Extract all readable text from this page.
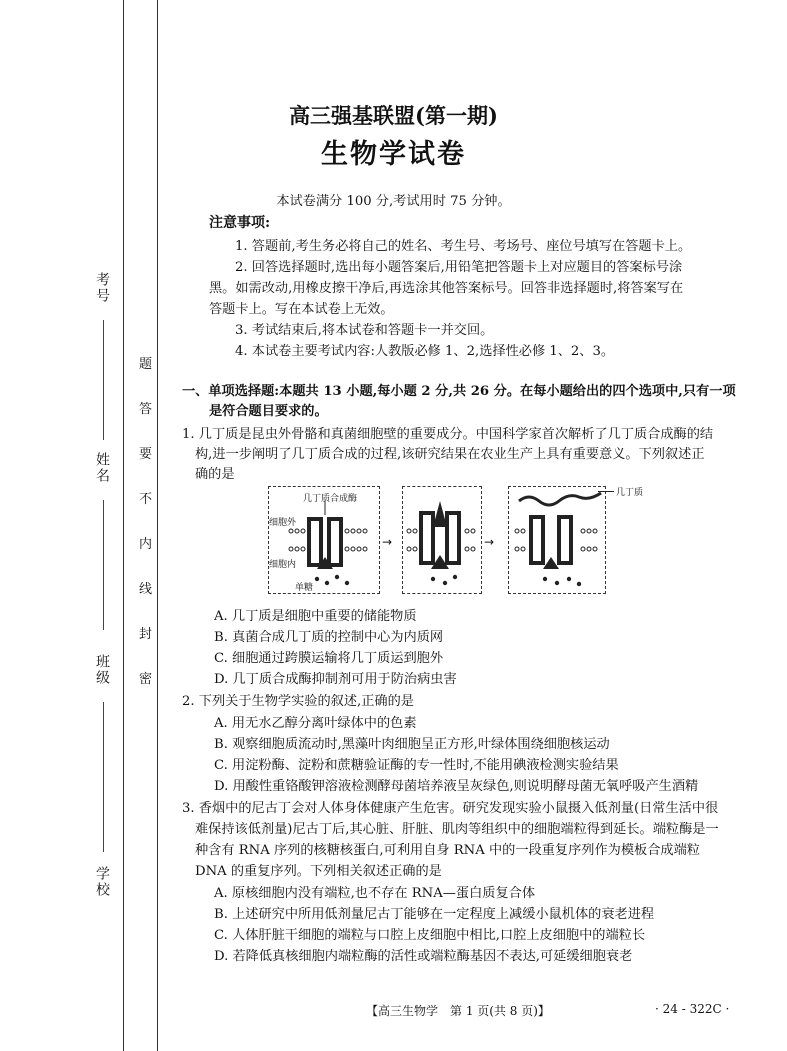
考号
姓名
班级
学校
题
答
要
不
内
线
封
密
高三强基联盟(第一期)
生物学试卷
本试卷满分 100 分,考试用时 75 分钟。
注意事项:
1. 答题前,考生务必将自己的姓名、考生号、考场号、座位号填写在答题卡上。
2. 回答选择题时,选出每小题答案后,用铅笔把答题卡上对应题目的答案标号涂
黑。如需改动,用橡皮擦干净后,再选涂其他答案标号。回答非选择题时,将答案写在
答题卡上。写在本试卷上无效。
3. 考试结束后,将本试卷和答题卡一并交回。
4. 本试卷主要考试内容:人教版必修 1、2,选择性必修 1、2、3。
一、单项选择题:本题共 13 小题,每小题 2 分,共 26 分。在每小题给出的四个选项中,只有一项
是符合题目要求的。
1. 几丁质是昆虫外骨骼和真菌细胞壁的重要成分。中国科学家首次解析了几丁质合成酶的结
构,进一步阐明了几丁质合成的过程,该研究结果在农业生产上具有重要意义。下列叙述正
确的是
几丁质合成酶
细胞外
细胞内
单糖
→	→
几丁质
A. 几丁质是细胞中重要的储能物质
B. 真菌合成几丁质的控制中心为内质网
C. 细胞通过跨膜运输将几丁质运到胞外
D. 几丁质合成酶抑制剂可用于防治病虫害
2. 下列关于生物学实验的叙述,正确的是
A. 用无水乙醇分离叶绿体中的色素
B. 观察细胞质流动时,黑藻叶肉细胞呈正方形,叶绿体围绕细胞核运动
C. 用淀粉酶、淀粉和蔗糖验证酶的专一性时,不能用碘液检测实验结果
D. 用酸性重铬酸钾溶液检测酵母菌培养液呈灰绿色,则说明酵母菌无氧呼吸产生酒精
3. 香烟中的尼古丁会对人体身体健康产生危害。研究发现实验小鼠摄入低剂量(日常生活中很
难保持该低剂量)尼古丁后,其心脏、肝脏、肌肉等组织中的细胞端粒得到延长。端粒酶是一
种含有 RNA 序列的核糖核蛋白,可利用自身 RNA 中的一段重复序列作为模板合成端粒
DNA 的重复序列。下列相关叙述正确的是
A. 原核细胞内没有端粒,也不存在 RNA—蛋白质复合体
B. 上述研究中所用低剂量尼古丁能够在一定程度上减缓小鼠机体的衰老进程
C. 人体肝脏干细胞的端粒与口腔上皮细胞中相比,口腔上皮细胞中的端粒长
D. 若降低真核细胞内端粒酶的活性或端粒酶基因不表达,可延缓细胞衰老
【高三生物学　第 1 页(共 8 页)】	· 24 - 322C ·
